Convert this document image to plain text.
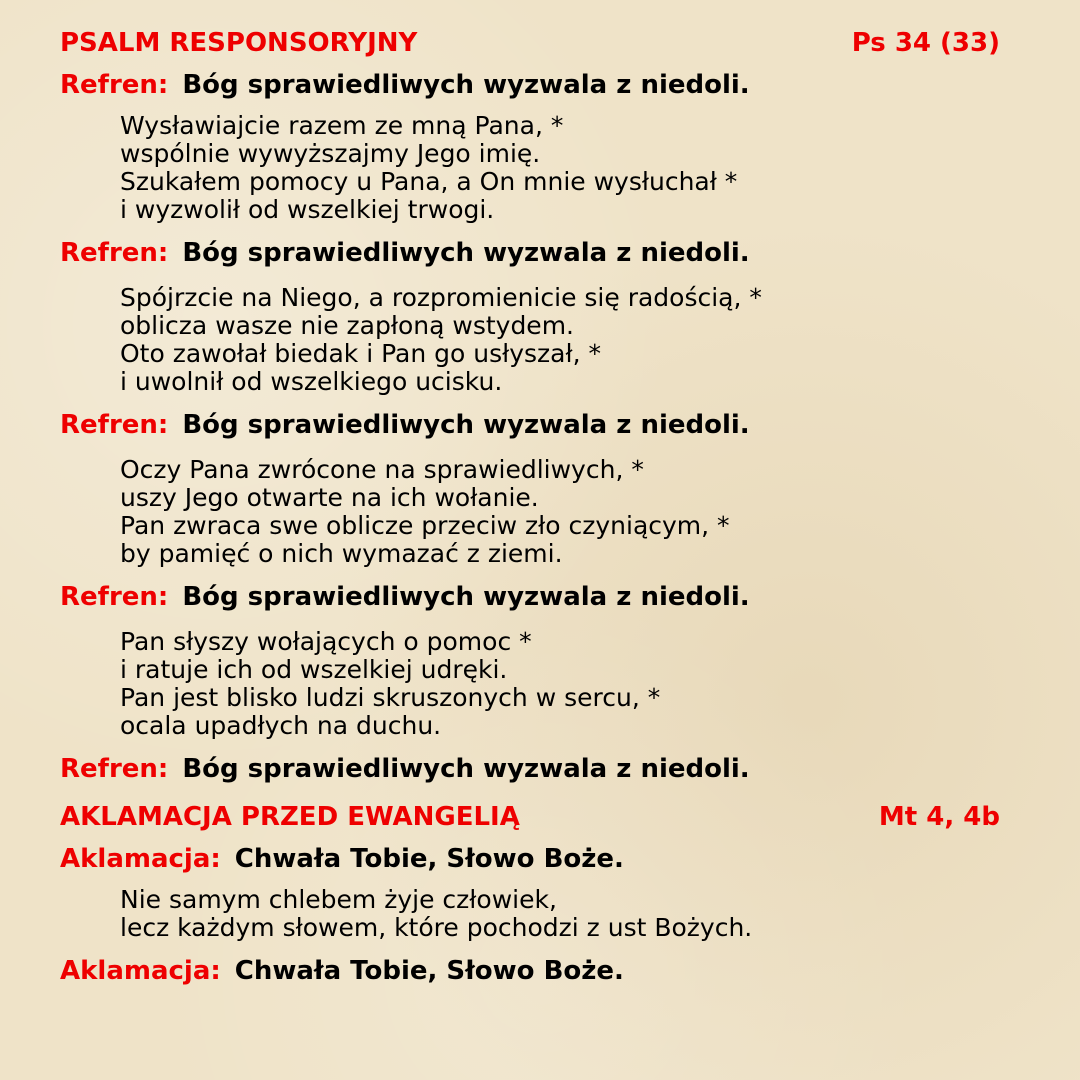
PSALM RESPONSORYJNY	Ps 34 (33)
Refren: Bóg sprawiedliwych wyzwala z niedoli.
Wysławiajcie razem ze mną Pana, *
wspólnie wywyższajmy Jego imię.
Szukałem pomocy u Pana, a On mnie wysłuchał *
i wyzwolił od wszelkiej trwogi.
Refren: Bóg sprawiedliwych wyzwala z niedoli.
Spójrzcie na Niego, a rozpromienicie się radością, *
oblicza wasze nie zapłoną wstydem.
Oto zawołał biedak i Pan go usłyszał, *
i uwolnił od wszelkiego ucisku.
Refren: Bóg sprawiedliwych wyzwala z niedoli.
Oczy Pana zwrócone na sprawiedliwych, *
uszy Jego otwarte na ich wołanie.
Pan zwraca swe oblicze przeciw zło czyniącym, *
by pamięć o nich wymazać z ziemi.
Refren: Bóg sprawiedliwych wyzwala z niedoli.
Pan słyszy wołających o pomoc *
i ratuje ich od wszelkiej udręki.
Pan jest blisko ludzi skruszonych w sercu, *
ocala upadłych na duchu.
Refren: Bóg sprawiedliwych wyzwala z niedoli.
AKLAMACJA PRZED EWANGELIĄ	Mt 4, 4b
Aklamacja: Chwała Tobie, Słowo Boże.
Nie samym chlebem żyje człowiek,
lecz każdym słowem, które pochodzi z ust Bożych.
Aklamacja: Chwała Tobie, Słowo Boże.
